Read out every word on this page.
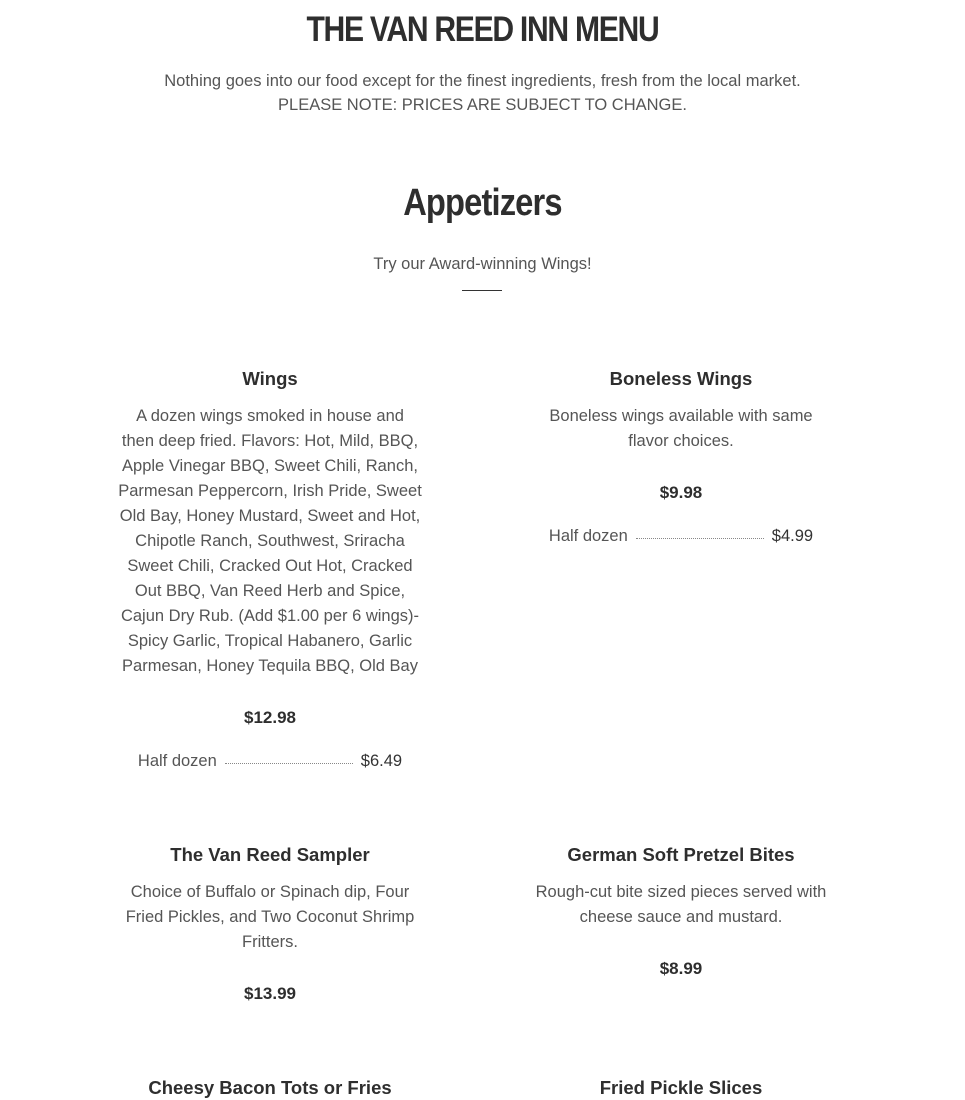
THE VAN REED INN MENU

Nothing goes into our food except for the finest ingredients, fresh from the local market. PLEASE NOTE: PRICES ARE SUBJECT TO CHANGE.

Appetizers

Try our Award-winning Wings!

Wings

A dozen wings smoked in house and then deep fried. Flavors: Hot, Mild, BBQ, Apple Vinegar BBQ, Sweet Chili, Ranch, Parmesan Peppercorn, Irish Pride, Sweet Old Bay, Honey Mustard, Sweet and Hot, Chipotle Ranch, Southwest, Sriracha Sweet Chili, Cracked Out Hot, Cracked Out BBQ, Van Reed Herb and Spice, Cajun Dry Rub. (Add $1.00 per 6 wings)- Spicy Garlic, Tropical Habanero, Garlic Parmesan, Honey Tequila BBQ, Old Bay

$12.98

Half dozen	$6.49
Boneless Wings

Boneless wings available with same flavor choices.

$9.98

Half dozen	$4.99
The Van Reed Sampler

Choice of Buffalo or Spinach dip, Four Fried Pickles, and Two Coconut Shrimp Fritters.

$13.99

German Soft Pretzel Bites

Rough-cut bite sized pieces served with cheese sauce and mustard.

$8.99

Cheesy Bacon Tots or Fries	Fried Pickle Slices
